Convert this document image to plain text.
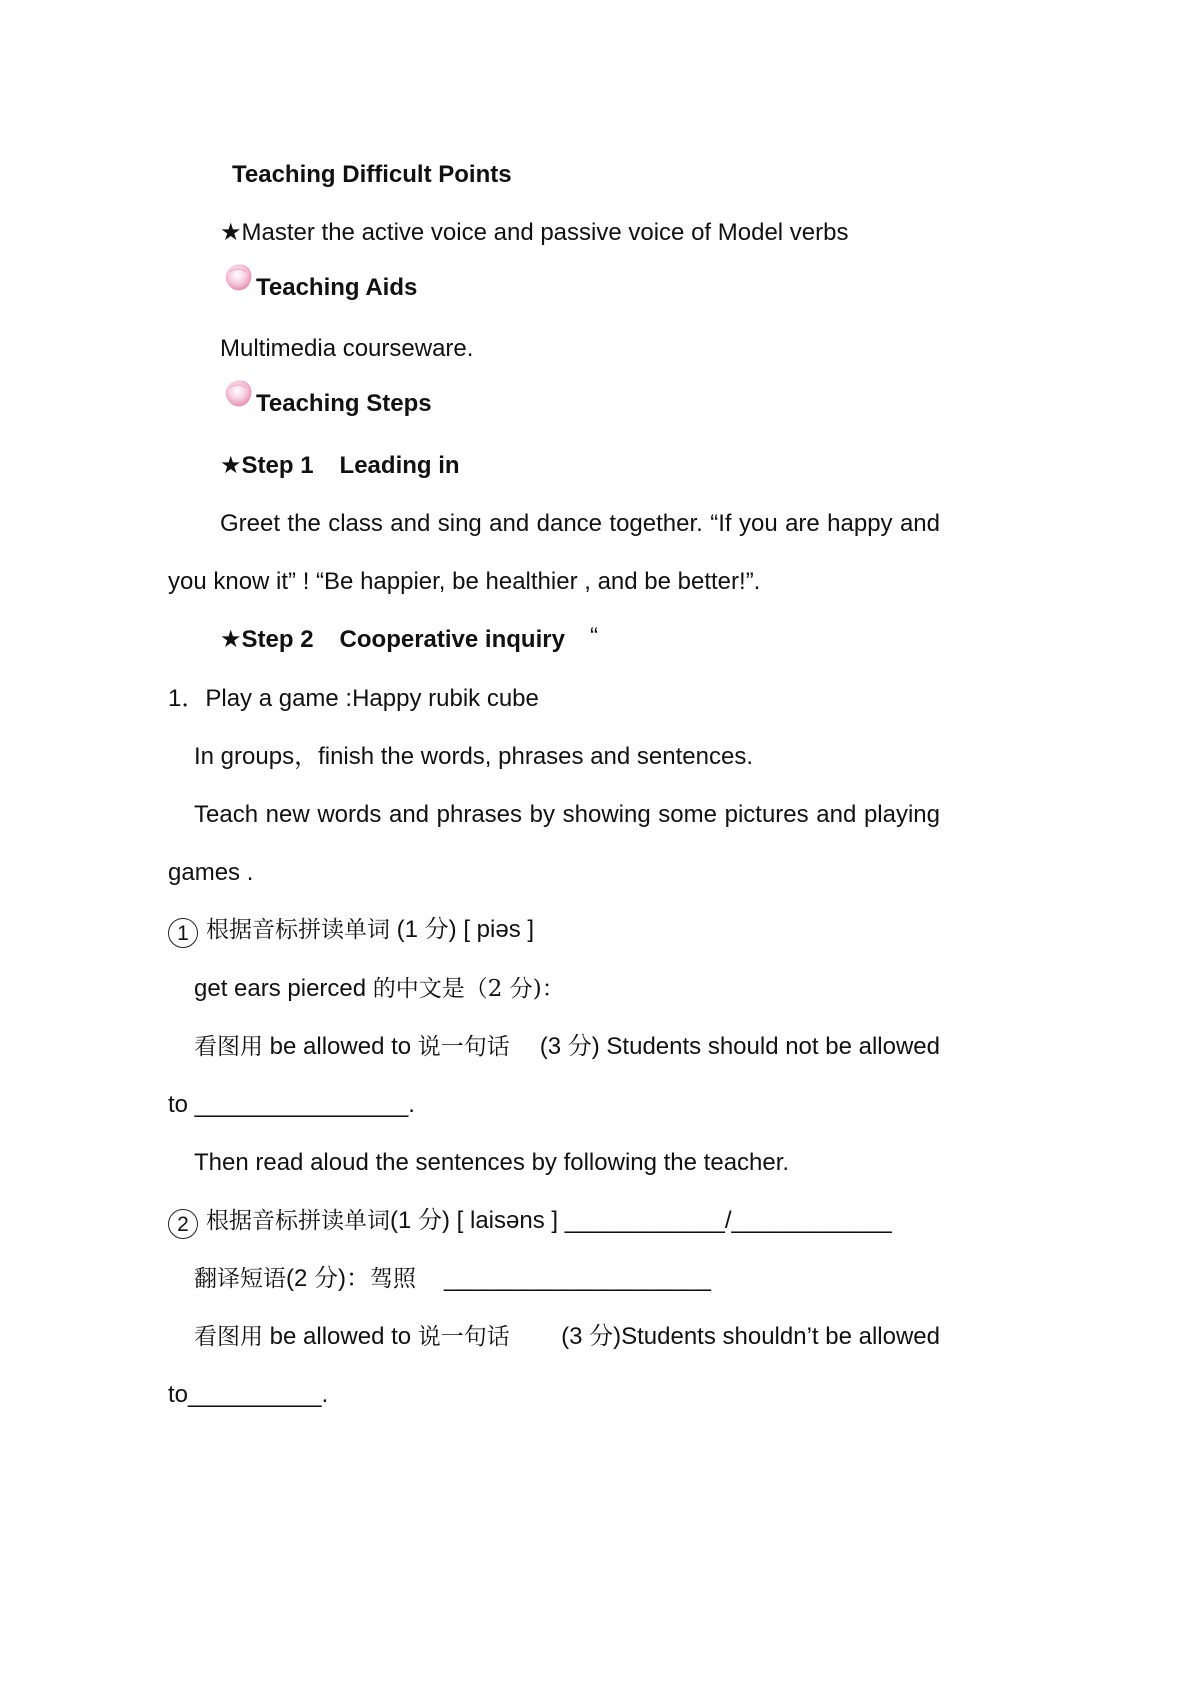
Teaching Difficult Points
★Master the active voice and passive voice of Model verbs
Teaching Aids
Multimedia courseware.
Teaching Steps
★Step 1 Leading in
Greet the class and sing and dance together. “If you are happy and
you know it” ! “Be happier, be healthier , and be better!”.
★Step 2 Cooperative inquiry “
1．Play a game :Happy rubik cube
In groups，finish the words, phrases and sentences.
Teach new words and phrases by showing some pictures and playing
games .
1 根据音标拼读单词 (1 分) [ piəs ]
get ears pierced 的中文是（2 分)：
看图用 be allowed to 说一句话 (3 分) Students should not be allowed
to ________________.
Then read aloud the sentences by following the teacher.
2 根据音标拼读单词(1 分) [ laisəns ] ____________/____________
翻译短语(2 分)：驾照 ____________________
看图用 be allowed to 说一句话 (3 分)Students shouldn’t be allowed
to__________.
